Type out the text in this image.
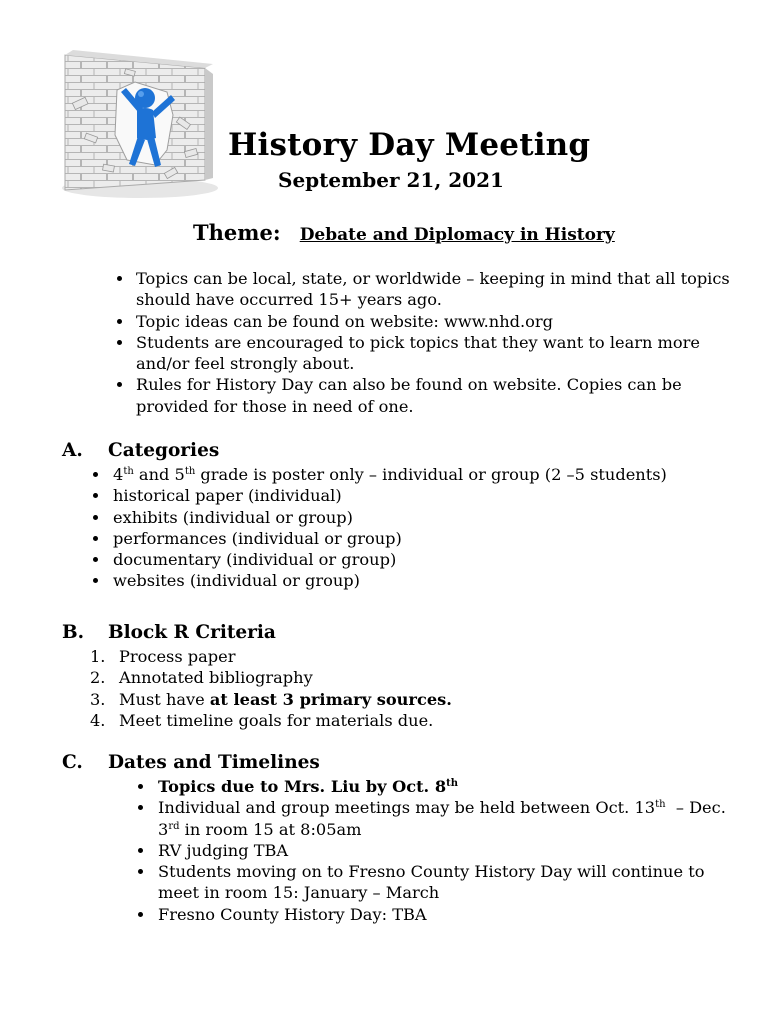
History Day Meeting
September 21, 2021
Theme: Debate and Diplomacy in History
Topics can be local, state, or worldwide – keeping in mind that all topics should have occurred 15+ years ago.
Topic ideas can be found on website: www.nhd.org
Students are encouraged to pick topics that they want to learn more and/or feel strongly about.
Rules for History Day can also be found on website. Copies can be provided for those in need of one.
A. Categories
4th and 5th grade is poster only – individual or group (2 –5 students)
historical paper (individual)
exhibits (individual or group)
performances (individual or group)
documentary (individual or group)
websites (individual or group)
B. Block R Criteria
1. Process paper
2. Annotated bibliography
3. Must have at least 3 primary sources.
4. Meet timeline goals for materials due.
C. Dates and Timelines
Topics due to Mrs. Liu by Oct. 8th
Individual and group meetings may be held between Oct. 13th  – Dec. 3rd in room 15 at 8:05am
RV judging TBA
Students moving on to Fresno County History Day will continue to meet in room 15: January – March
Fresno County History Day: TBA
